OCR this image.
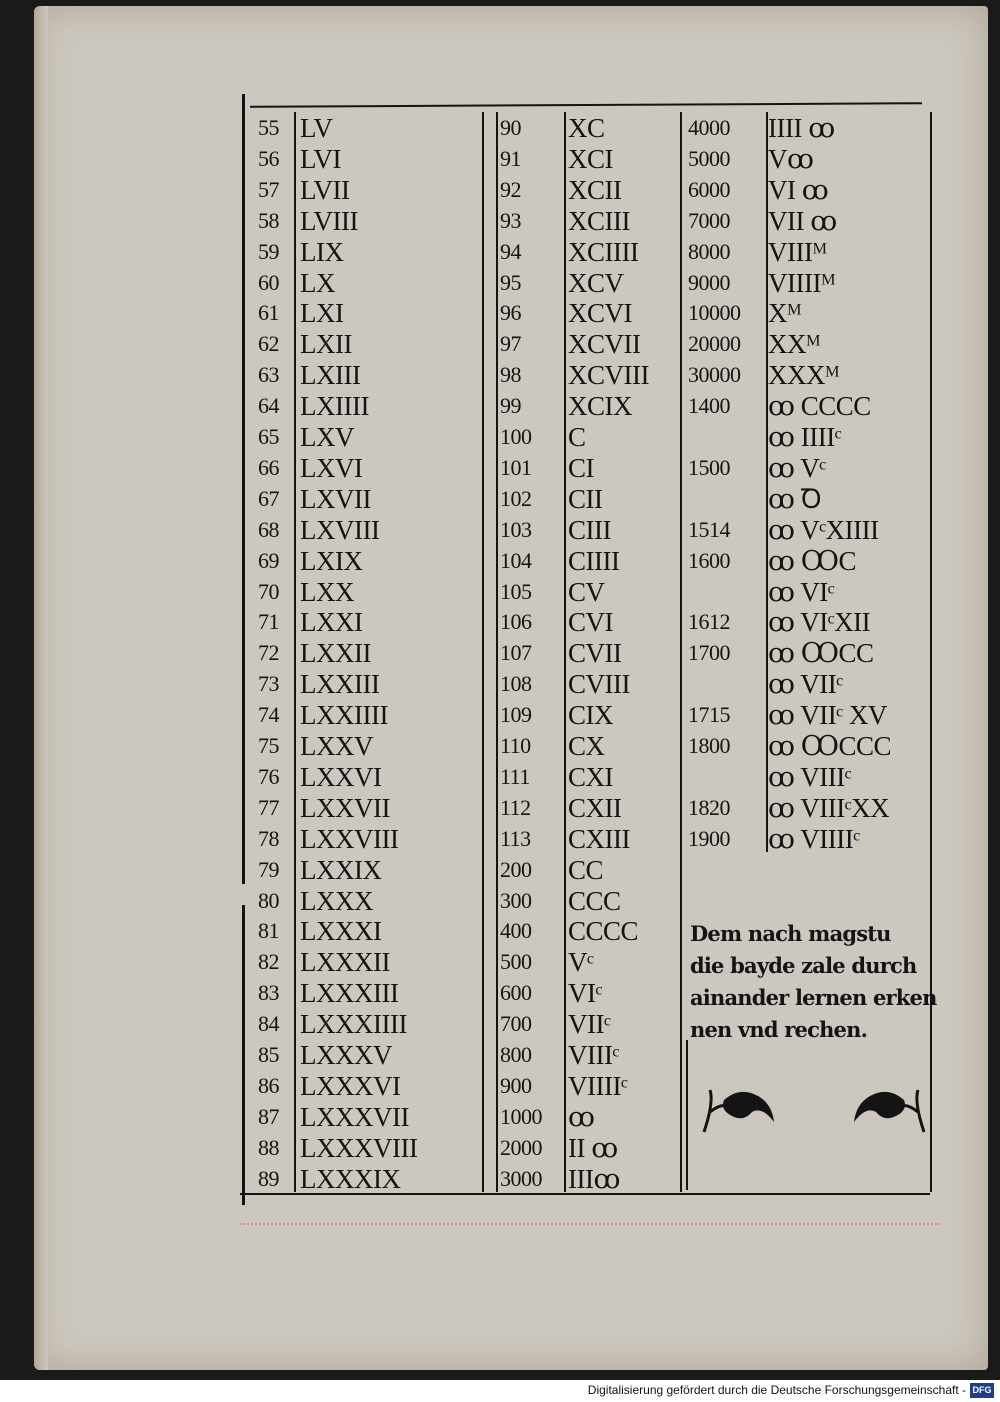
55 LV
56 LVI
57 LVII
58 LVIII
59 LIX
60 LX
61 LXI
62 LXII
63 LXIII
64 LXIIII
65 LXV
66 LXVI
67 LXVII
68 LXVIII
69 LXIX
70 LXX
71 LXXI
72 LXXII
73 LXXIII
74 LXXIIII
75 LXXV
76 LXXVI
77 LXXVII
78 LXXVIII
79 LXXIX
80 LXXX
81 LXXXI
82 LXXXII
83 LXXXIII
84 LXXXIIII
85 LXXXV
86 LXXXVI
87 LXXXVII
88 LXXXVIII
89 LXXXIX
90 XC
91 XCI
92 XCII
93 XCIII
94 XCIIII
95 XCV
96 XCVI
97 XCVII
98 XCVIII
99 XCIX
100 C
101 CI
102 CII
103 CIII
104 CIIII
105 CV
106 CVI
107 CVII
108 CVIII
109 CIX
110 CX
111 CXI
112 CXII
113 CXIII
200 CC
300 CCC
400 CCCC
500 Vᶜ
600 VIᶜ
700 VIIᶜ
800 VIIIᶜ
900 VIIIIᶜ
1000 ꝏ
2000 II ꝏ
3000 IIIꝏ
4000 IIII ꝏ
5000 Vꝏ
6000 VI ꝏ
7000 VII ꝏ
8000 VIIIᴹ
9000 VIIIIᴹ
10000 Xᴹ
20000 XXᴹ
30000 XXXᴹ
1400 ꝏ CCCC
ꝏ IIIIᶜ
1500 ꝏ Vᶜ
ꝏ Ꝺ
1514 ꝏ VᶜXIIII
1600 ꝏ ꝎC
ꝏ VIᶜ
1612 ꝏ VIᶜXII
1700 ꝏ ꝎCC
ꝏ VIIᶜ
1715 ꝏ VIIᶜ XV
1800 ꝏ ꝎCCC
ꝏ VIIIᶜ
1820 ꝏ VIIIᶜXX
1900 ꝏ VIIIIᶜ
Dem nach magstu
die bayde zale durch
ainander lernen erken
nen vnd rechen.
Digitalisierung gefördert durch die Deutsche Forschungsgemeinschaft - DFG
